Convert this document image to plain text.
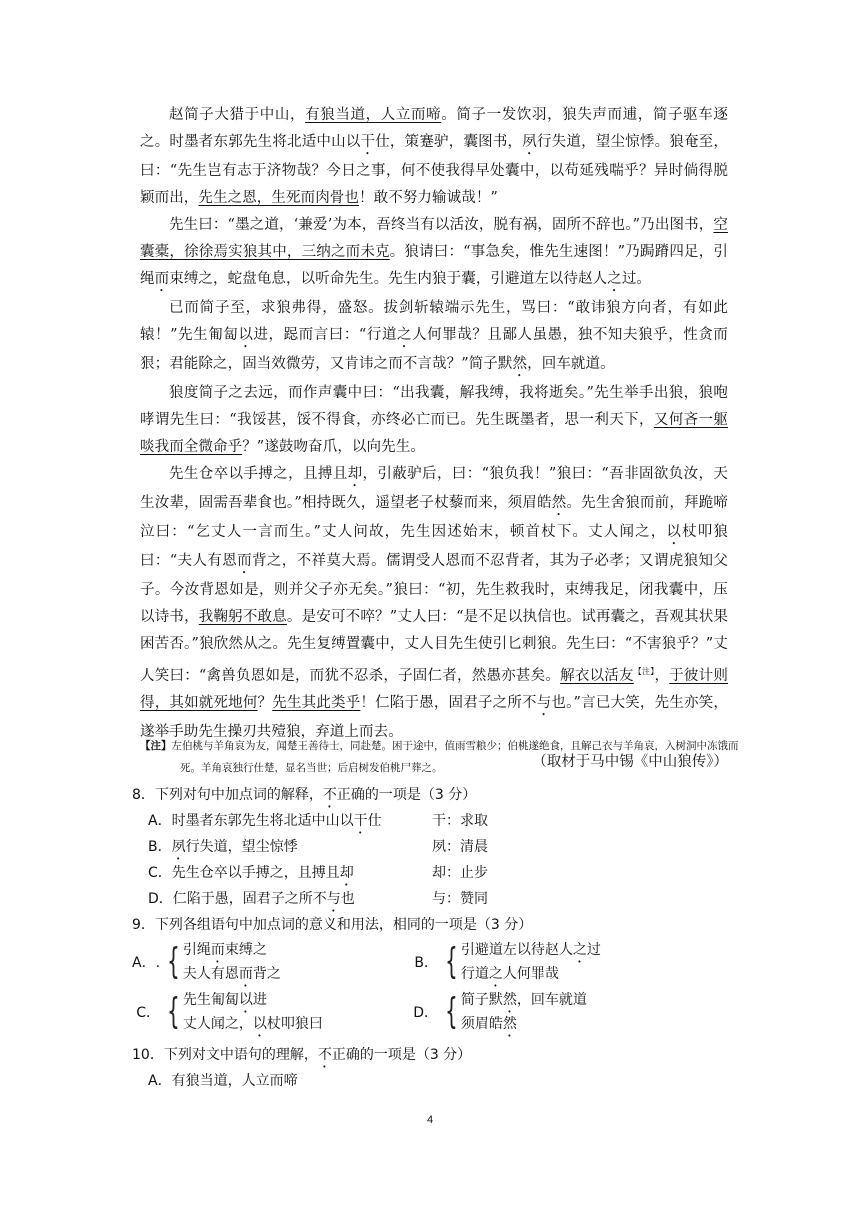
赵简子大猎于中山，有狼当道，人立而啼。简子一发饮羽，狼失声而逋，简子驱车逐之。时墨者东郭先生将北适中山以干仕，策蹇驴，囊图书，夙行失道，望尘惊悸。狼奄至，曰：“先生岂有志于济物哉？今日之事，何不使我得早处囊中，以苟延残喘乎？异时倘得脱颖而出，先生之恩，生死而肉骨也！敢不努力输诚哉！”

先生曰：“墨之道，‘兼爱’为本，吾终当有以活汝，脱有祸，固所不辞也。”乃出图书，空囊橐，徐徐焉实狼其中，三纳之而未克。狼请曰：“事急矣，惟先生速图！”乃跼蹐四足，引绳而束缚之，蛇盘龟息，以听命先生。先生内狼于囊，引避道左以待赵人之过。

已而简子至，求狼弗得，盛怒。拔剑斩辕端示先生，骂曰：“敢讳狼方向者，有如此辕！”先生匍匐以进，跽而言曰：“行道之人何罪哉？且鄙人虽愚，独不知夫狼乎，性贪而狠；君能除之，固当效微劳，又肯讳之而不言哉？”简子默然，回车就道。

狼度简子之去远，而作声囊中曰：“出我囊，解我缚，我将逝矣。”先生举手出狼，狼咆哮谓先生曰：“我馁甚，馁不得食，亦终必亡而已。先生既墨者，思一利天下，又何吝一躯啖我而全微命乎？”遂鼓吻奋爪，以向先生。

先生仓卒以手搏之，且搏且却，引蔽驴后，曰：“狼负我！”狼曰：“吾非固欲负汝，天生汝辈，固需吾辈食也。”相持既久，遥望老子杖藜而来，须眉皓然。先生舍狼而前，拜跪啼泣曰：“乞丈人一言而生。”丈人问故，先生因述始末，顿首杖下。丈人闻之，以杖叩狼曰：“夫人有恩而背之，不祥莫大焉。儒谓受人恩而不忍背者，其为子必孝；又谓虎狼知父子。今汝背恩如是，则并父子亦无矣。”狼曰：“初，先生救我时，束缚我足，闭我囊中，压以诗书，我鞠躬不敢息。是安可不啐？”丈人曰：“是不足以执信也。试再囊之，吾观其状果困苦否。”狼欣然从之。先生复缚置囊中，丈人目先生使引匕刺狼。先生曰：“不害狼乎？”丈人笑曰：“禽兽负恩如是，而犹不忍杀，子固仁者，然愚亦甚矣。解衣以活友$^{【注】}$，于彼计则得，其如就死地何？先生其此类乎！仁陷于愚，固君子之所不与也。”言已大笑，先生亦笑，遂举手助先生操刃共殪狼，弃道上而去。

（取材于马中锡《中山狼传》）
【注】左伯桃与羊角哀为友，闻楚王善待士，同赴楚。困于途中，值雨雪粮少；伯桃遂绝食，且解己衣与羊角哀，入树洞中冻饿而死。羊角哀独行仕楚，显名当世；后启树发伯桃尸葬之。
8．下列对句中加点词的解释，不正确的一项是（3 分）
A．时墨者东郭先生将北适中山以干仕	干：求取
B．夙行失道，望尘惊悸	夙：清晨
C．先生仓卒以手搏之，且搏且却	却：止步
D．仁陷于愚，固君子之所不与也	与：赞同
9．下列各组语句中加点词的意义和用法，相同的一项是（3 分）
A．. { 引绳而束缚之
夫人有恩而背之
B． { 引避道左以待赵人之过
行道之人何罪哉
C． { 先生匍匐以进
丈人闻之，以杖叩狼曰
D． { 简子默然，回车就道
须眉皓然
10．下列对文中语句的理解，不正确的一项是（3 分）
A．有狼当道，人立而啼
4
